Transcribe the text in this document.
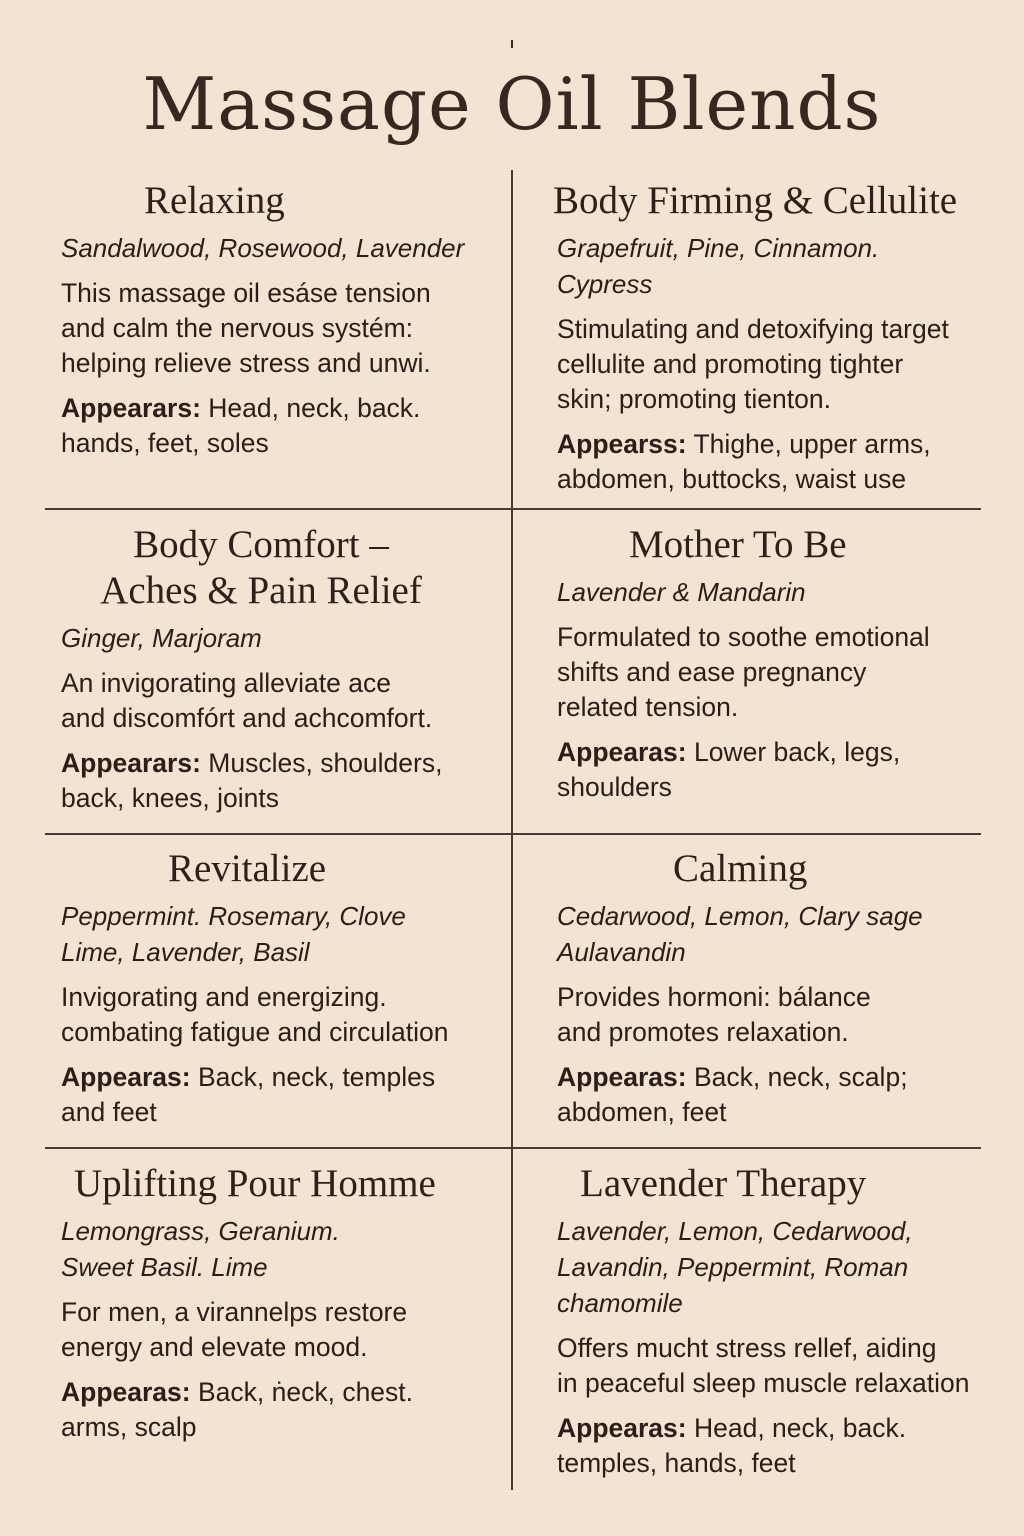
Massage Oil Blends
Relaxing
Sandalwood, Rosewood, Lavender
This massage oil esáse tension
and calm the nervous systém:
helping relieve stress and unwi.
Appearars: Head, neck, back.
hands, feet, soles
Body Firming & Cellulite
Grapefruit, Pine, Cinnamon.
Cypress
Stimulating and detoxifying target
cellulite and promoting tighter
skin; promoting tienton.
Appearss: Thighe, upper arms,
abdomen, buttocks, waist use
Body Comfort –
Aches & Pain Relief
Ginger, Marjoram
An invigorating alleviate ace
and discomfórt and achcomfort.
Appearars: Muscles, shoulders,
back, knees, joints
Mother To Be
Lavender & Mandarin
Formulated to soothe emotional
shifts and ease pregnancy
related tension.
Appearas: Lower back, legs,
shoulders
Revitalize
Peppermint. Rosemary, Clove
Lime, Lavender, Basil
Invigorating and energizing.
combating fatigue and circulation
Appearas: Back, neck, temples
and feet
Calming
Cedarwood, Lemon, Clary sage
Aulavandin
Provides hormoni: bálance
and promotes relaxation.
Appearas: Back, neck, scalp;
abdomen, feet
Uplifting Pour Homme
Lemongrass, Geranium.
Sweet Basil. Lime
For men, a virannelps restore
energy and elevate mood.
Appearas: Back, ṅeck, chest.
arms, scalp
Lavender Therapy
Lavender, Lemon, Cedarwood,
Lavandin, Peppermint, Roman
chamomile
Offers mucht stress rellef, aiding
in peaceful sleep muscle relaxation
Appearas: Head, neck, back.
temples, hands, feet
